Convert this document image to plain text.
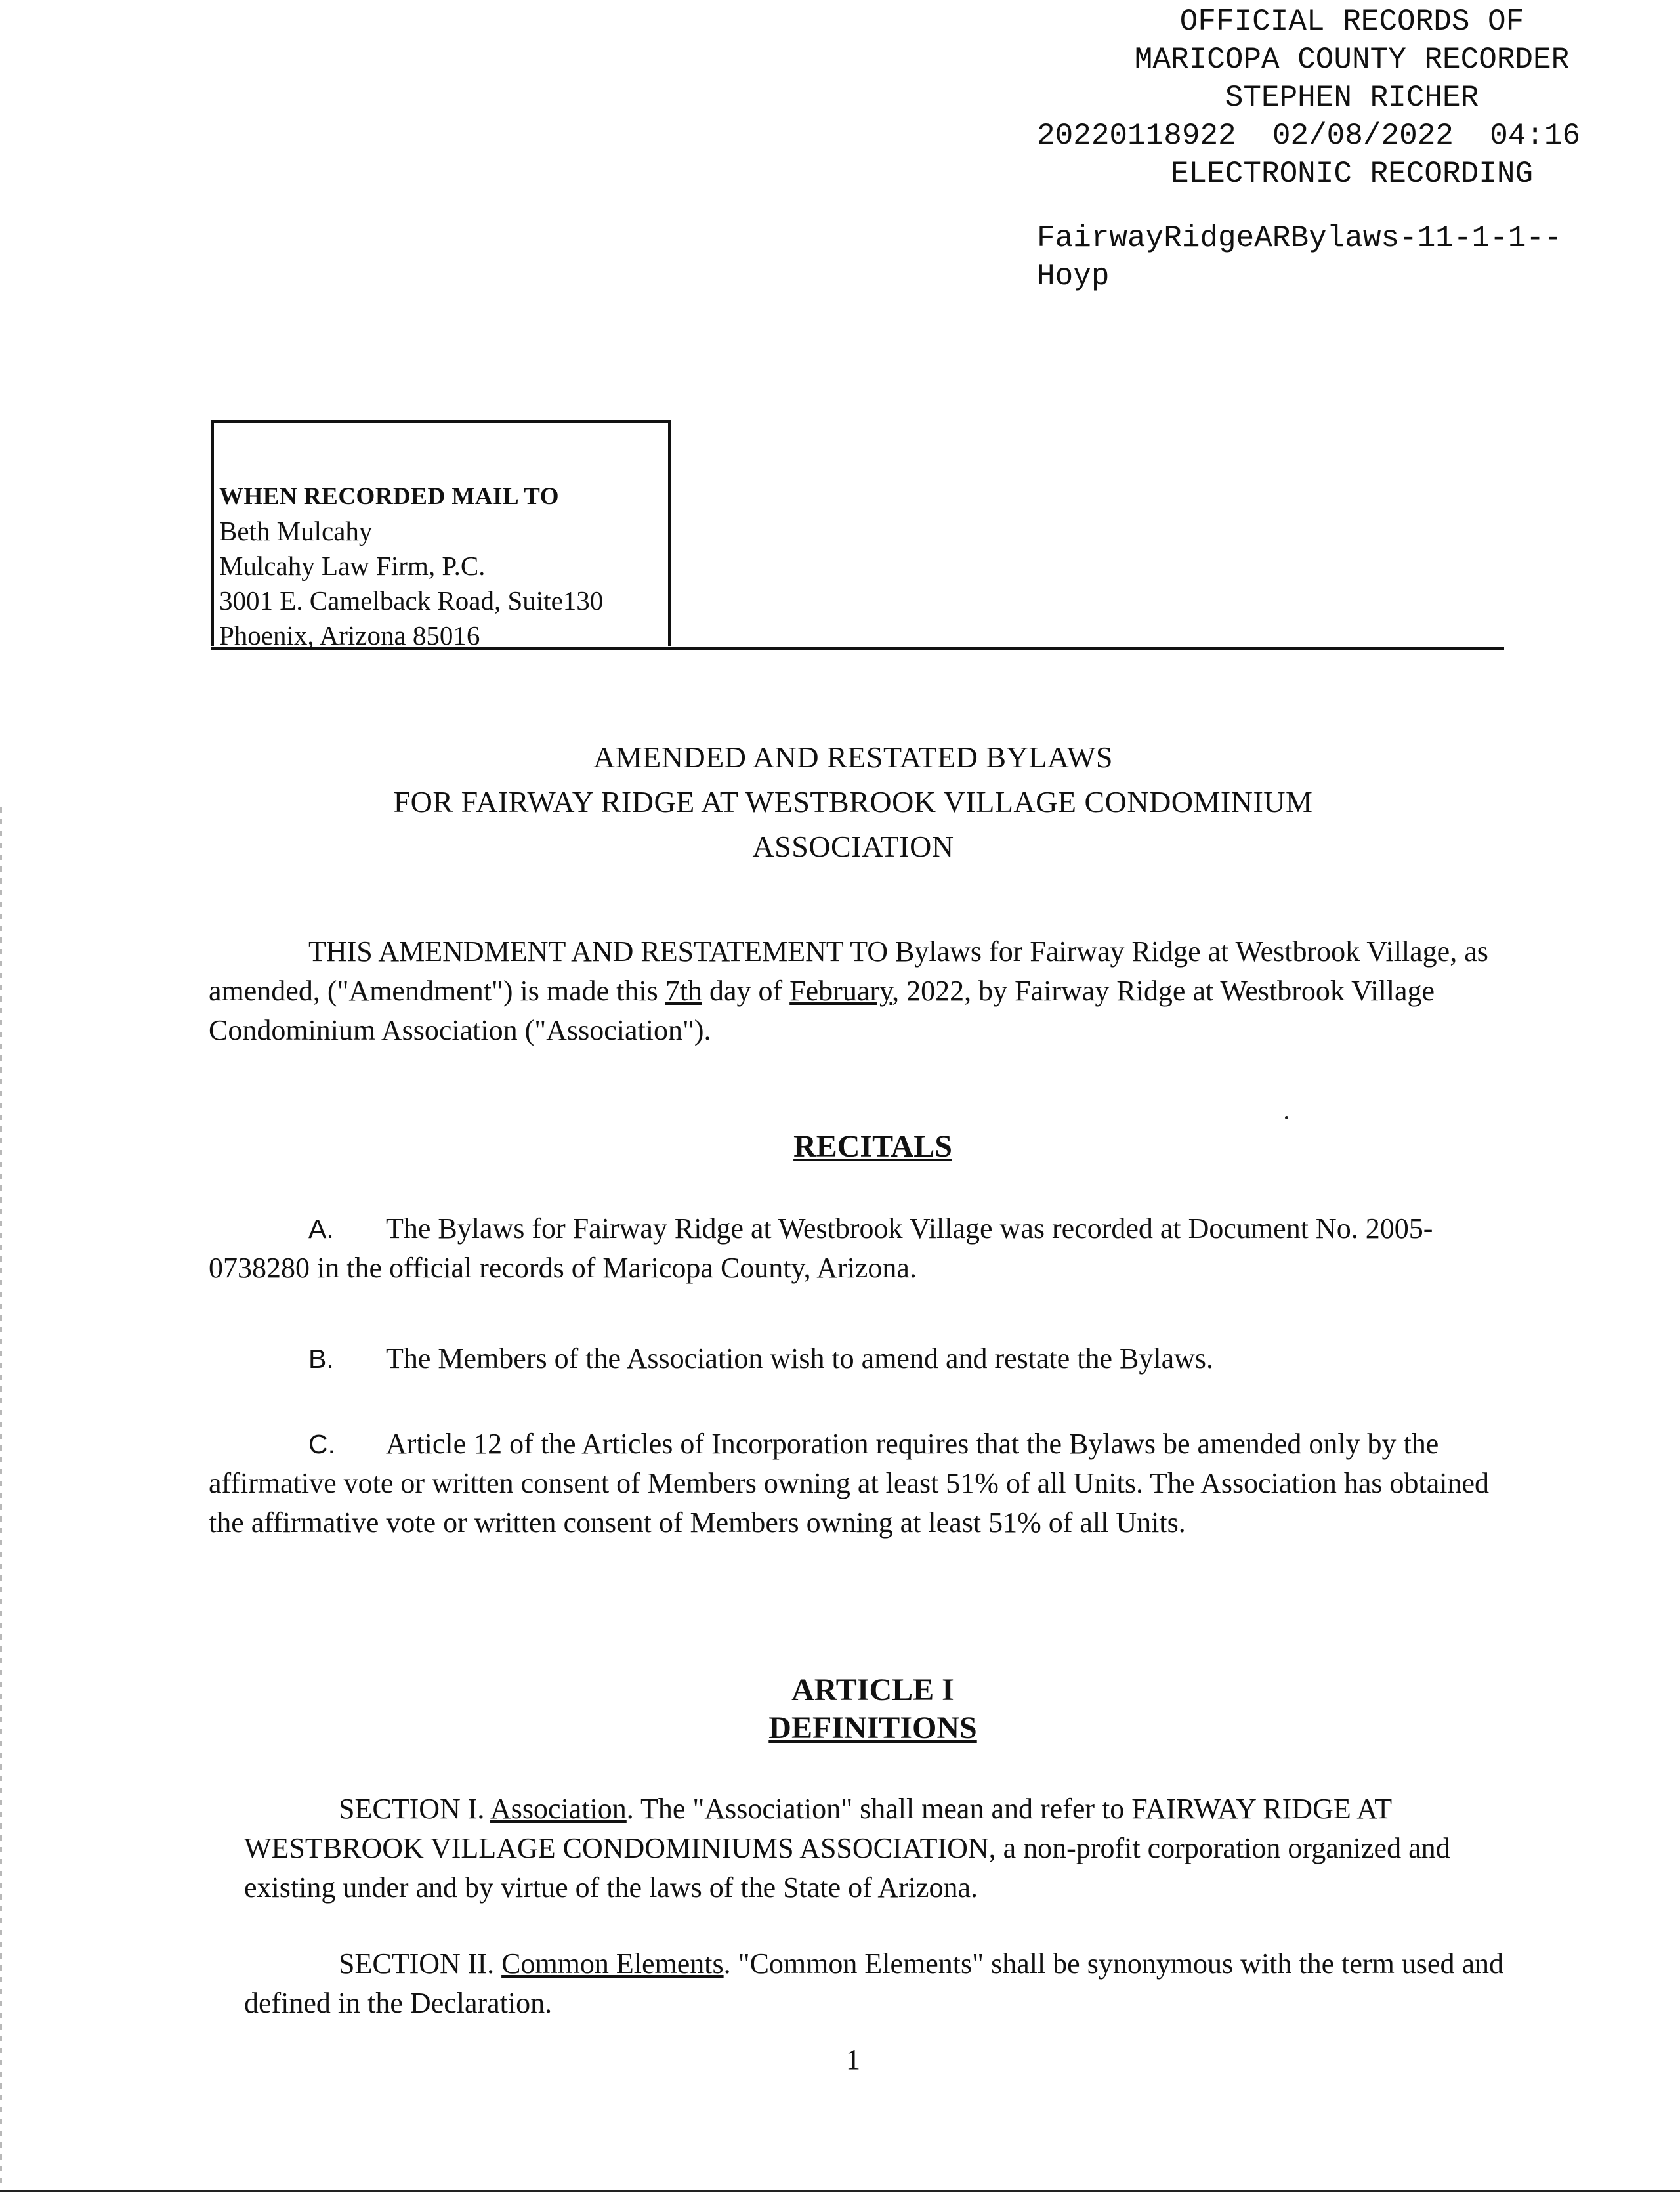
OFFICIAL RECORDS OF
MARICOPA COUNTY RECORDER
STEPHEN RICHER
20220118922  02/08/2022  04:16
ELECTRONIC RECORDING
FairwayRidgeARBylaws-11-1-1--
Hoyp
WHEN RECORDED MAIL TO
Beth Mulcahy
Mulcahy Law Firm, P.C.
3001 E. Camelback Road, Suite130
Phoenix, Arizona 85016
AMENDED AND RESTATED BYLAWS
FOR FAIRWAY RIDGE AT WESTBROOK VILLAGE CONDOMINIUM
ASSOCIATION
THIS AMENDMENT AND RESTATEMENT TO Bylaws for Fairway Ridge at Westbrook Village, as amended, ("Amendment") is made this 7th day of February, 2022, by Fairway Ridge at Westbrook Village Condominium Association ("Association").
RECITALS
A. The Bylaws for Fairway Ridge at Westbrook Village was recorded at Document No. 2005-0738280 in the official records of Maricopa County, Arizona.
B. The Members of the Association wish to amend and restate the Bylaws.
C. Article 12 of the Articles of Incorporation requires that the Bylaws be amended only by the affirmative vote or written consent of Members owning at least 51% of all Units. The Association has obtained the affirmative vote or written consent of Members owning at least 51% of all Units.
ARTICLE I
DEFINITIONS
SECTION I. Association. The "Association" shall mean and refer to FAIRWAY RIDGE AT WESTBROOK VILLAGE CONDOMINIUMS ASSOCIATION, a non-profit corporation organized and existing under and by virtue of the laws of the State of Arizona.
SECTION II. Common Elements. "Common Elements" shall be synonymous with the term used and defined in the Declaration.
1
